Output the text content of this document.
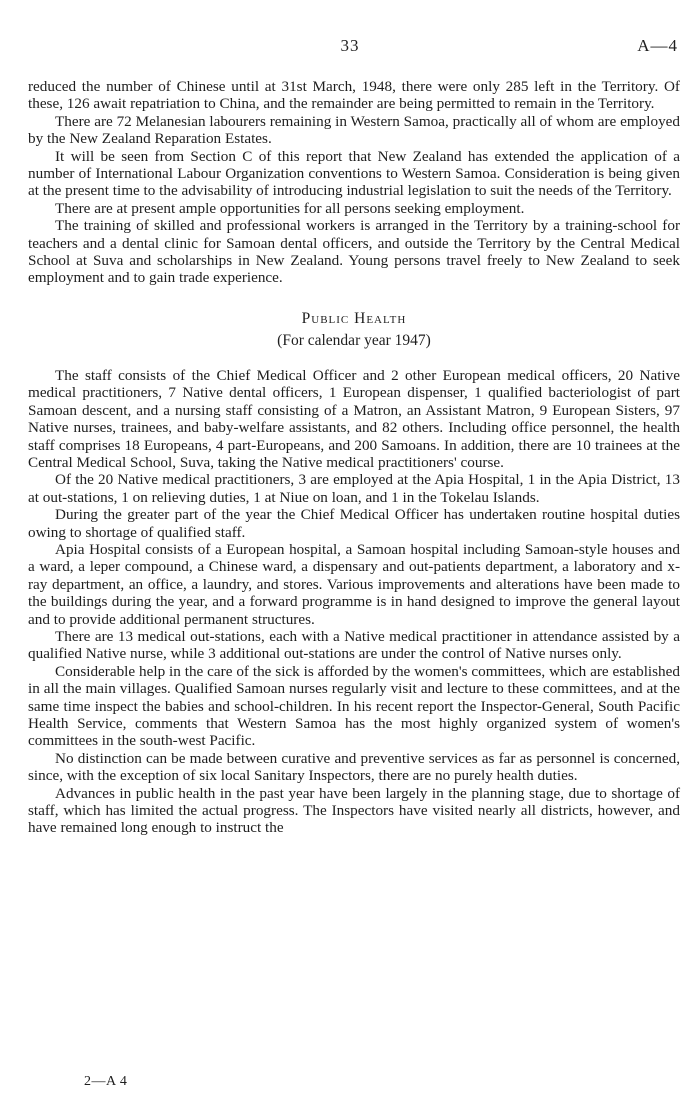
33	A—4

reduced the number of Chinese until at 31st March, 1948, there were only 285 left in the Territory. Of these, 126 await repatriation to China, and the remainder are being permitted to remain in the Territory.

There are 72 Melanesian labourers remaining in Western Samoa, practically all of whom are employed by the New Zealand Reparation Estates.

It will be seen from Section C of this report that New Zealand has extended the application of a number of International Labour Organization conventions to Western Samoa. Consideration is being given at the present time to the advisability of introducing industrial legislation to suit the needs of the Territory.

There are at present ample opportunities for all persons seeking employment.

The training of skilled and professional workers is arranged in the Territory by a training-school for teachers and a dental clinic for Samoan dental officers, and outside the Territory by the Central Medical School at Suva and scholarships in New Zealand. Young persons travel freely to New Zealand to seek employment and to gain trade experience.

Public Health

(For calendar year 1947)

The staff consists of the Chief Medical Officer and 2 other European medical officers, 20 Native medical practitioners, 7 Native dental officers, 1 European dispenser, 1 qualified bacteriologist of part Samoan descent, and a nursing staff consisting of a Matron, an Assistant Matron, 9 European Sisters, 97 Native nurses, trainees, and baby-welfare assistants, and 82 others. Including office personnel, the health staff comprises 18 Europeans, 4 part-Europeans, and 200 Samoans. In addition, there are 10 trainees at the Central Medical School, Suva, taking the Native medical practitioners' course.

Of the 20 Native medical practitioners, 3 are employed at the Apia Hospital, 1 in the Apia District, 13 at out-stations, 1 on relieving duties, 1 at Niue on loan, and 1 in the Tokelau Islands.

During the greater part of the year the Chief Medical Officer has undertaken routine hospital duties owing to shortage of qualified staff.

Apia Hospital consists of a European hospital, a Samoan hospital including Samoan-style houses and a ward, a leper compound, a Chinese ward, a dispensary and out-patients department, a laboratory and x-ray department, an office, a laundry, and stores. Various improvements and alterations have been made to the buildings during the year, and a forward programme is in hand designed to improve the general layout and to provide additional permanent structures.

There are 13 medical out-stations, each with a Native medical practitioner in attendance assisted by a qualified Native nurse, while 3 additional out-stations are under the control of Native nurses only.

Considerable help in the care of the sick is afforded by the women's committees, which are established in all the main villages. Qualified Samoan nurses regularly visit and lecture to these committees, and at the same time inspect the babies and school-children. In his recent report the Inspector-General, South Pacific Health Service, comments that Western Samoa has the most highly organized system of women's committees in the south-west Pacific.

No distinction can be made between curative and preventive services as far as personnel is concerned, since, with the exception of six local Sanitary Inspectors, there are no purely health duties.

Advances in public health in the past year have been largely in the planning stage, due to shortage of staff, which has limited the actual progress. The Inspectors have visited nearly all districts, however, and have remained long enough to instruct the

2—A 4
